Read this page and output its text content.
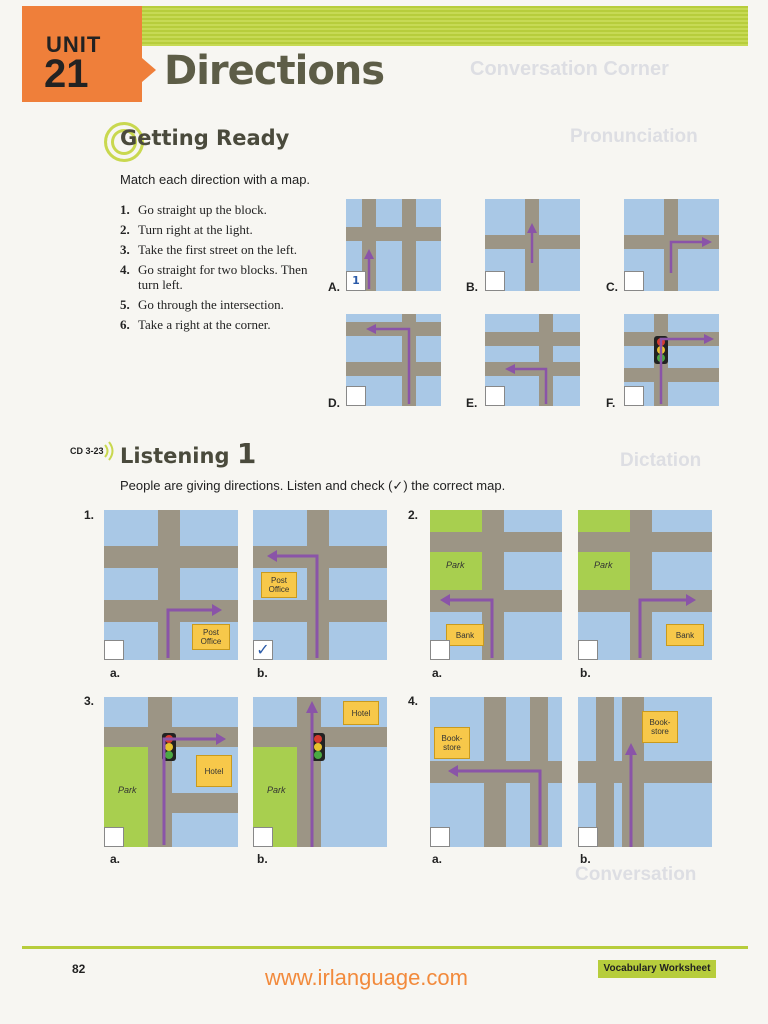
Conversation Corner
Pronunciation
Dictation
Conversation
UNIT
21 Directions
Getting Ready
Match each direction with a map.
1. Go straight up the block.
2. Turn right at the light.
3. Take the first street on the left.
4. Go straight for two blocks. Then turn left.
5. Go through the intersection.
6. Take a right at the corner.
1
A.	B.	C.
D.	E.	F.
CD 3-23 Listening 1
People are giving directions. Listen and check (✓) the correct map.
1.	2.
3.	4.
Post
Office
a.
Post
Office
✓
b.
Park
Bank
a.
Park
Bank
b.
Park
Hotel
a.
Park
Hotel
b.
Book-
store
a.
Book-
store
b.
82	www.irlanguage.com	Vocabulary Worksheet
